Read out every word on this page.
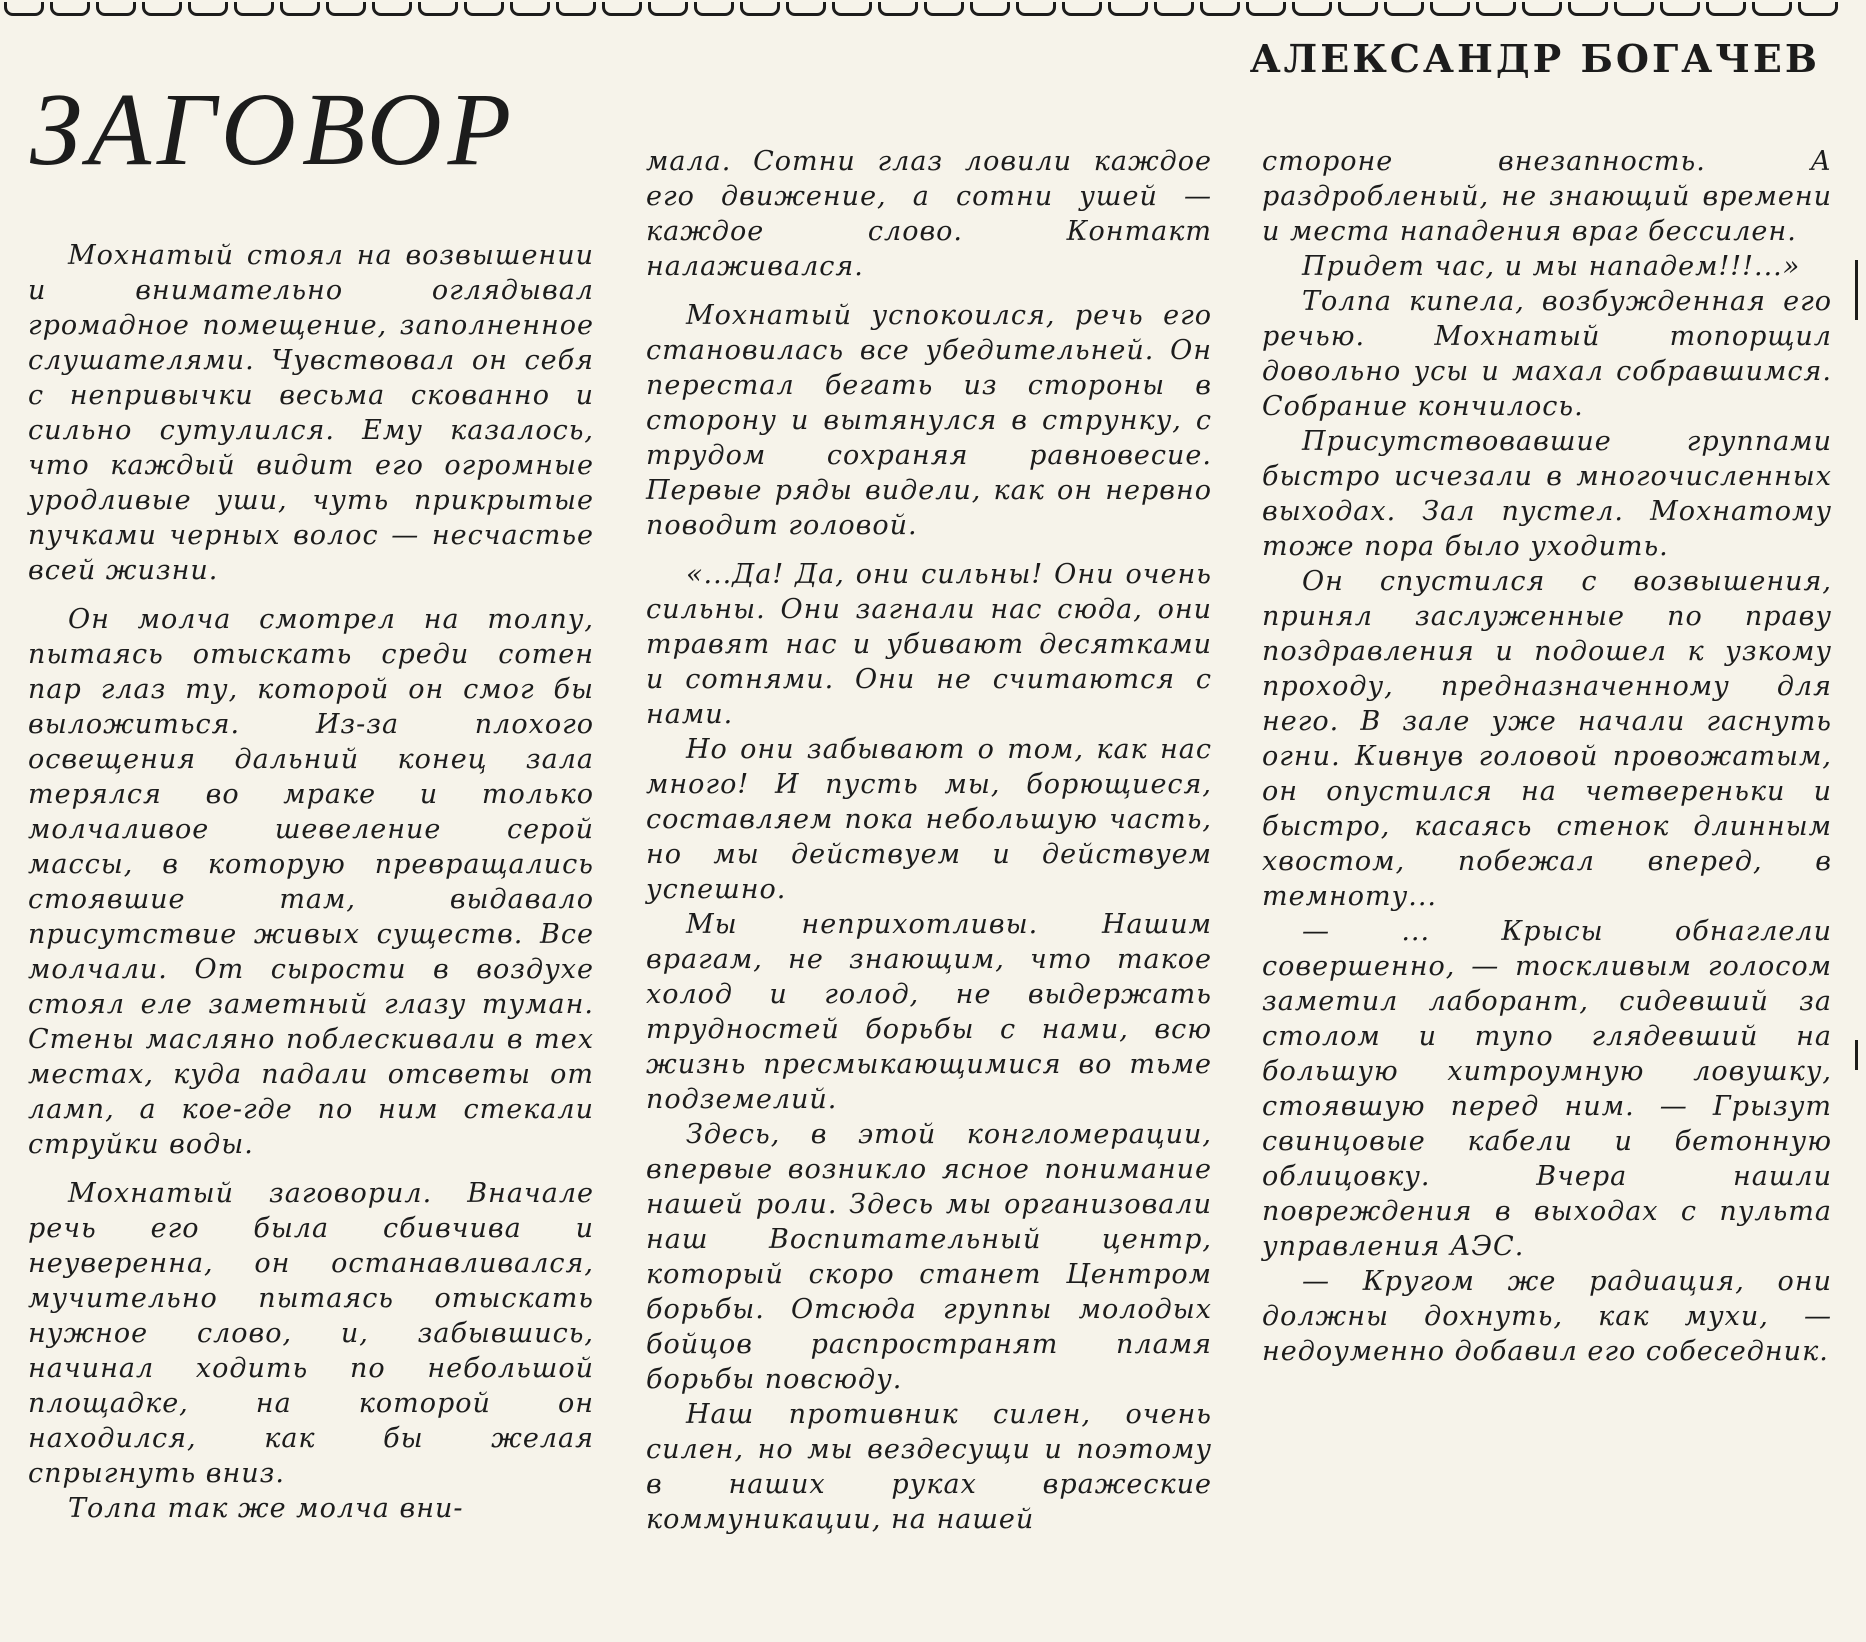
АЛЕКСАНДР БОГАЧЕВ
ЗАГОВОР

Мохнатый стоял на возвышении и внимательно оглядывал громадное помещение, заполненное слушателями. Чувствовал он себя с непривычки весьма скованно и сильно сутулился. Ему казалось, что каждый видит его огромные уродливые уши, чуть прикрытые пучками черных волос — несчастье всей жизни.

Он молча смотрел на толпу, пытаясь отыскать среди сотен пар глаз ту, которой он смог бы выложиться. Из-за плохого освещения дальний конец зала терялся во мраке и только молчаливое шевеление серой массы, в которую превращались стоявшие там, выдавало присутствие живых существ. Все молчали. От сырости в воздухе стоял еле заметный глазу туман. Стены масляно поблескивали в тех местах, куда падали отсветы от ламп, а кое-где по ним стекали струйки воды.

Мохнатый заговорил. Вначале речь его была сбивчива и неуверенна, он останавливался, мучительно пытаясь отыскать нужное слово, и, забывшись, начинал ходить по небольшой площадке, на которой он находился, как бы желая спрыгнуть вниз.

Толпа так же молча вни-

мала. Сотни глаз ловили каждое его движение, а сотни ушей — каждое слово. Контакт налаживался.

Мохнатый успокоился, речь его становилась все убедительней. Он перестал бегать из стороны в сторону и вытянулся в струнку, с трудом сохраняя равновесие. Первые ряды видели, как он нервно поводит головой.

«...Да! Да, они сильны! Они очень сильны. Они загнали нас сюда, они травят нас и убивают десятками и сотнями. Они не считаются с нами.

Но они забывают о том, как нас много! И пусть мы, борющиеся, составляем пока небольшую часть, но мы действуем и действуем успешно.

Мы неприхотливы. Нашим врагам, не знающим, что такое холод и голод, не выдержать трудностей борьбы с нами, всю жизнь пресмыкающимися во тьме подземелий.

Здесь, в этой конгломерации, впервые возникло ясное понимание нашей роли. Здесь мы организовали наш Воспитательный центр, который скоро станет Центром борьбы. Отсюда группы молодых бойцов распространят пламя борьбы повсюду.

Наш противник силен, очень силен, но мы вездесущи и поэтому в наших руках вражеские коммуникации, на нашей

стороне внезапность. А раздробленый, не знающий времени и места нападения враг бессилен.

Придет час, и мы нападем!!!...»

Толпа кипела, возбужденная его речью. Мохнатый топорщил довольно усы и махал собравшимся. Собрание кончилось.

Присутствовавшие группами быстро исчезали в многочисленных выходах. Зал пустел. Мохнатому тоже пора было уходить.

Он спустился с возвышения, принял заслуженные по праву поздравления и подошел к узкому проходу, предназначенному для него. В зале уже начали гаснуть огни. Кивнув головой провожатым, он опустился на четвереньки и быстро, касаясь стенок длинным хвостом, побежал вперед, в темноту...

— ... Крысы обнаглели совершенно, — тоскливым голосом заметил лаборант, сидевший за столом и тупо глядевший на большую хитроумную ловушку, стоявшую перед ним. — Грызут свинцовые кабели и бетонную облицовку. Вчера нашли повреждения в выходах с пульта управления АЭС.

— Кругом же радиация, они должны дохнуть, как мухи, — недоуменно добавил его собеседник.
